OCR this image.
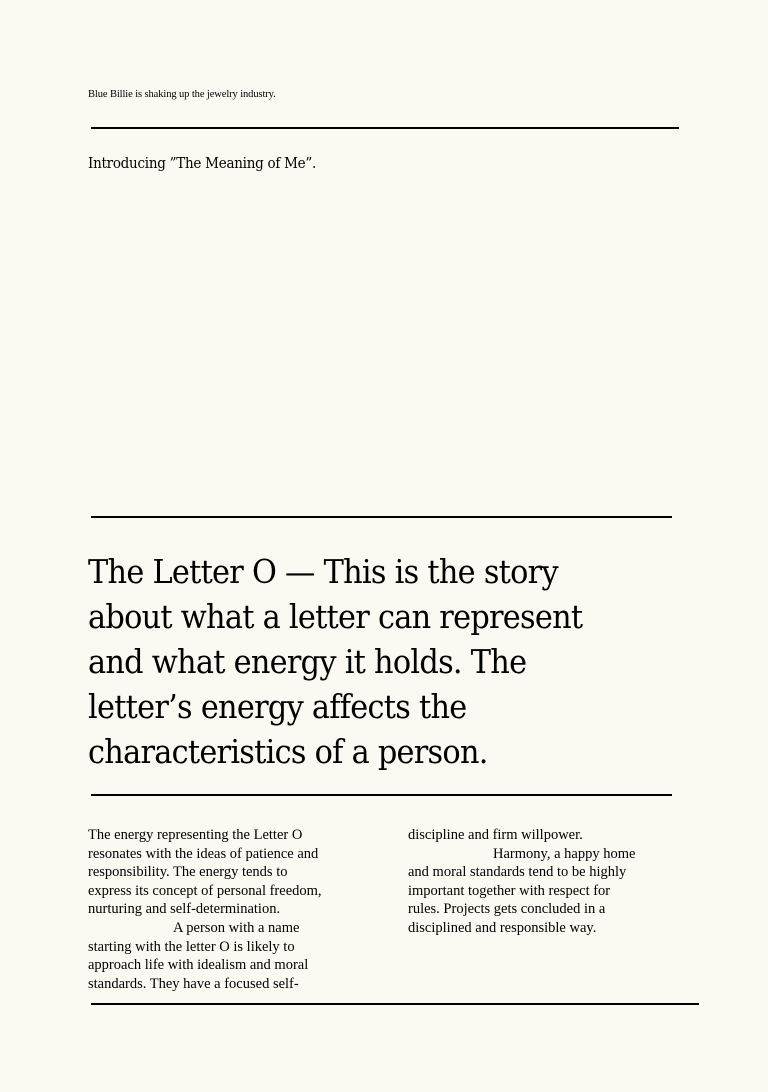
Blue Billie is shaking up the jewelry industry.
Introducing ”The Meaning of Me”.
The Letter O — This is the story
about what a letter can represent
and what energy it holds. The
letter’s energy affects the
characteristics of a person.

The energy representing the Letter O

resonates with the ideas of patience and

responsibility. The energy tends to

express its concept of personal freedom,

nurturing and self-determination.

A person with a name

starting with the letter O is likely to

approach life with idealism and moral

standards. They have a focused self-

discipline and firm willpower.

Harmony, a happy home

and moral standards tend to be highly

important together with respect for

rules. Projects gets concluded in a

disciplined and responsible way.
